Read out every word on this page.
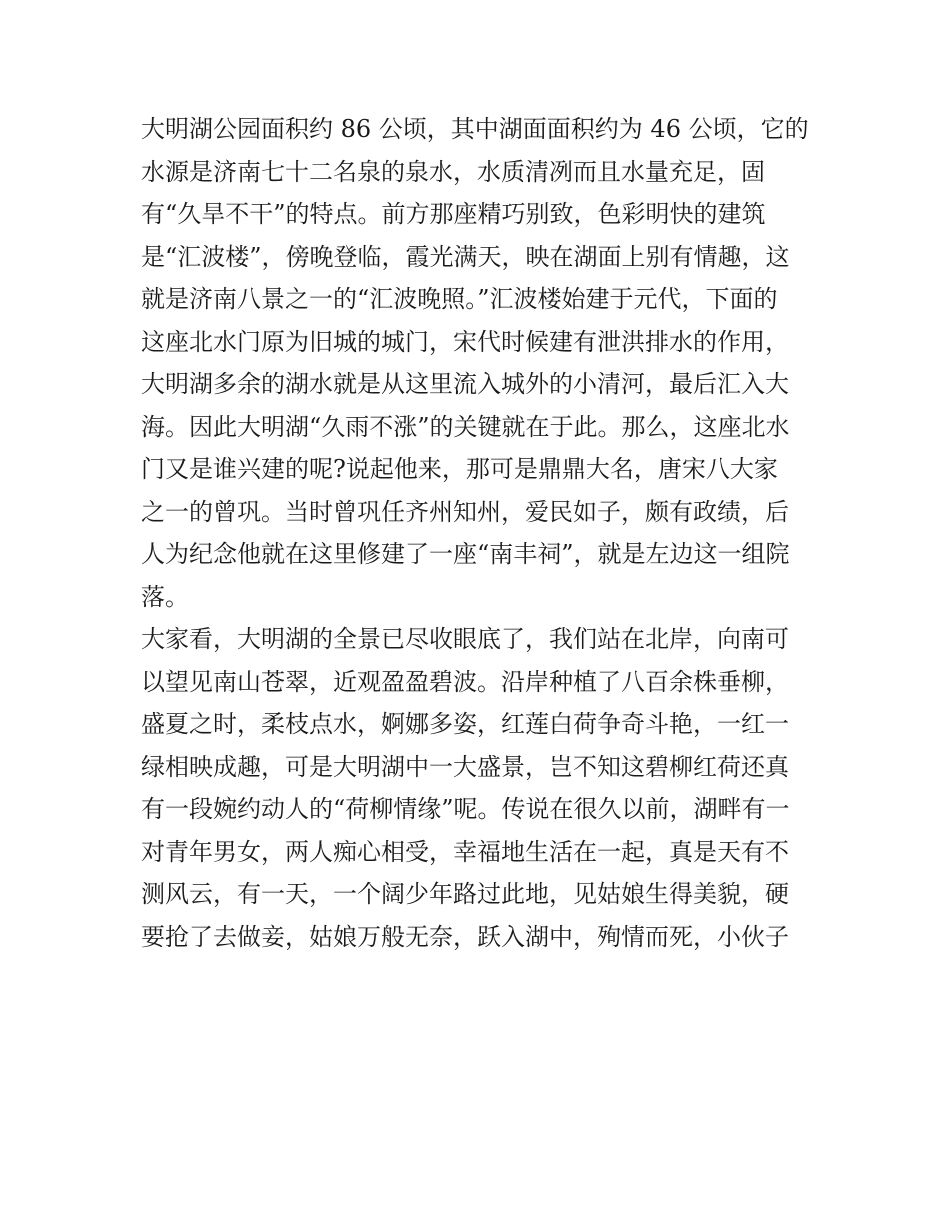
大明湖公园面积约 86 公顷，其中湖面面积约为 46 公顷，它的
水源是济南七十二名泉的泉水，水质清冽而且水量充足，固
有“久旱不干”的特点。前方那座精巧别致，色彩明快的建筑
是“汇波楼”，傍晚登临，霞光满天，映在湖面上别有情趣，这
就是济南八景之一的“汇波晚照。”汇波楼始建于元代，下面的
这座北水门原为旧城的城门，宋代时候建有泄洪排水的作用，
大明湖多余的湖水就是从这里流入城外的小清河，最后汇入大
海。因此大明湖“久雨不涨”的关键就在于此。那么，这座北水
门又是谁兴建的呢?说起他来，那可是鼎鼎大名，唐宋八大家
之一的曾巩。当时曾巩任齐州知州，爱民如子，颇有政绩，后
人为纪念他就在这里修建了一座“南丰祠”，就是左边这一组院
落。
大家看，大明湖的全景已尽收眼底了，我们站在北岸，向南可
以望见南山苍翠，近观盈盈碧波。沿岸种植了八百余株垂柳，
盛夏之时，柔枝点水，婀娜多姿，红莲白荷争奇斗艳，一红一
绿相映成趣，可是大明湖中一大盛景，岂不知这碧柳红荷还真
有一段婉约动人的“荷柳情缘”呢。传说在很久以前，湖畔有一
对青年男女，两人痴心相受，幸福地生活在一起，真是天有不
测风云，有一天，一个阔少年路过此地，见姑娘生得美貌，硬
要抢了去做妾，姑娘万般无奈，跃入湖中，殉情而死，小伙子
